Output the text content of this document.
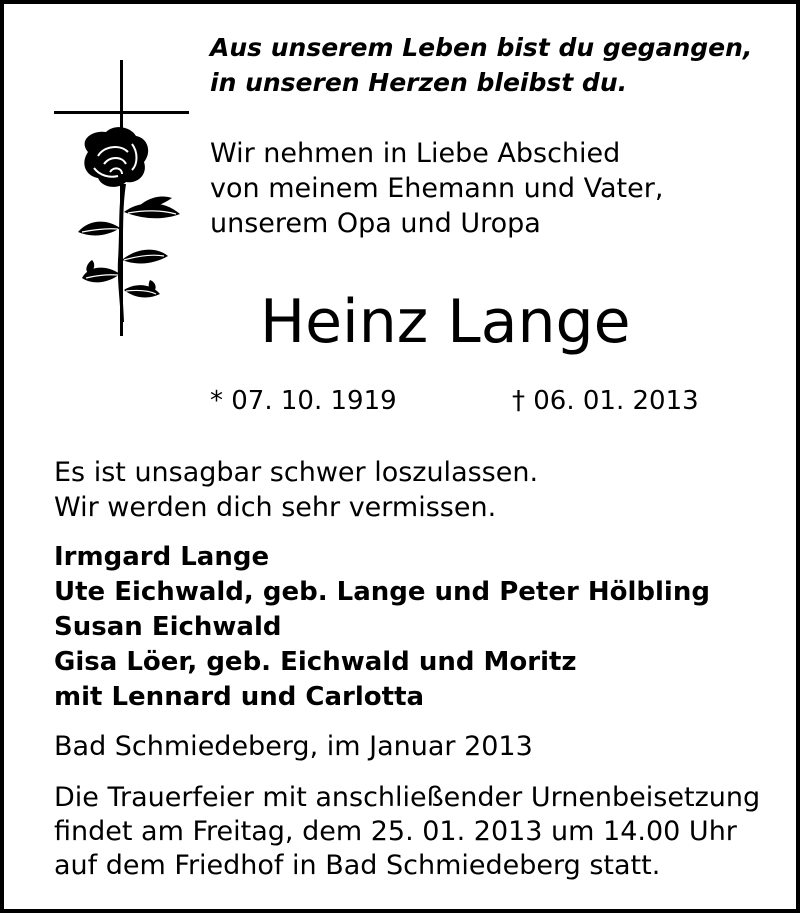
Aus unserem Leben bist du gegangen,
in unseren Herzen bleibst du.
Wir nehmen in Liebe Abschied
von meinem Ehemann und Vater,
unserem Opa und Uropa
Heinz Lange
* 07. 10. 1919	† 06. 01. 2013
Es ist unsagbar schwer loszulassen.
Wir werden dich sehr vermissen.
Irmgard Lange
Ute Eichwald, geb. Lange und Peter Hölbling
Susan Eichwald
Gisa Löer, geb. Eichwald und Moritz
mit Lennard und Carlotta
Bad Schmiedeberg, im Januar 2013
Die Trauerfeier mit anschließender Urnenbeisetzung
findet am Freitag, dem 25. 01. 2013 um 14.00 Uhr
auf dem Friedhof in Bad Schmiedeberg statt.
